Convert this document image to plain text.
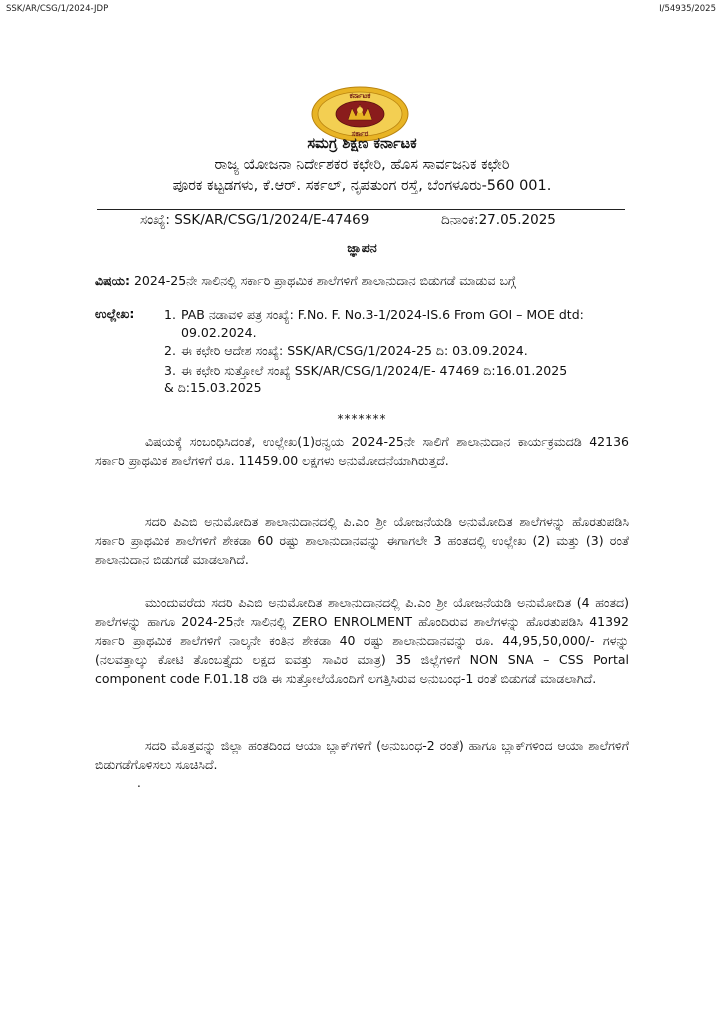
SSK/AR/CSG/1/2024-JDP	I/54935/2025
ಕರ್ನಾಟಕ
ಸರ್ಕಾರ
ಸಮಗ್ರ ಶಿಕ್ಷಣ ಕರ್ನಾಟಕ
ರಾಜ್ಯ ಯೋಜನಾ ನಿರ್ದೇಶಕರ ಕಛೇರಿ, ಹೊಸ ಸಾರ್ವಜನಿಕ ಕಛೇರಿ
ಪೂರಕ ಕಟ್ಟಡಗಳು, ಕೆ.ಆರ್. ಸರ್ಕಲ್, ನೃಪತುಂಗ ರಸ್ತೆ, ಬೆಂಗಳೂರು-560 001.
ಸಂಖ್ಯೆ: SSK/AR/CSG/1/2024/E-47469	ದಿನಾಂಕ:27.05.2025
ಜ್ಞಾಪನ
ವಿಷಯ: 2024-25ನೇ ಸಾಲಿನಲ್ಲಿ ಸರ್ಕಾರಿ ಪ್ರಾಥಮಿಕ ಶಾಲೆಗಳಿಗೆ ಶಾಲಾನುದಾನ ಬಿಡುಗಡೆ ಮಾಡುವ ಬಗ್ಗೆ
ಉಲ್ಲೇಖ: 1. PAB ನಡಾವಳಿ ಪತ್ರ ಸಂಖ್ಯೆ: F.No. F. No.3-1/2024-IS.6 From GOI – MOE dtd: 09.02.2024.
2. ಈ ಕಛೇರಿ ಆದೇಶ ಸಂಖ್ಯೆ: SSK/AR/CSG/1/2024-25 ದಿ: 03.09.2024.
3. ಈ ಕಛೇರಿ ಸುತ್ತೋಲೆ ಸಂಖ್ಯೆ SSK/AR/CSG/1/2024/E- 47469 ದಿ:16.01.2025
& ದಿ:15.03.2025
*******
ವಿಷಯಕ್ಕೆ ಸಂಬಂಧಿಸಿದಂತೆ, ಉಲ್ಲೇಖ(1)ರನ್ವಯ 2024-25ನೇ ಸಾಲಿಗೆ ಶಾಲಾನುದಾನ ಕಾರ್ಯಕ್ರಮದಡಿ 42136 ಸರ್ಕಾರಿ ಪ್ರಾಥಮಿಕ ಶಾಲೆಗಳಿಗೆ ರೂ. 11459.00 ಲಕ್ಷಗಳು ಅನುಮೋದನೆಯಾಗಿರುತ್ತದೆ.
ಸದರಿ ಪಿಎಬಿ ಅನುಮೋದಿತ ಶಾಲಾನುದಾನದಲ್ಲಿ ಪಿ.ಎಂ ಶ್ರೀ ಯೋಜನೆಯಡಿ ಅನುಮೋದಿತ ಶಾಲೆಗಳನ್ನು ಹೊರತುಪಡಿಸಿ ಸರ್ಕಾರಿ ಪ್ರಾಥಮಿಕ ಶಾಲೆಗಳಿಗೆ ಶೇಕಡಾ 60 ರಷ್ಟು ಶಾಲಾನುದಾನವನ್ನು ಈಗಾಗಲೇ 3 ಹಂತದಲ್ಲಿ ಉಲ್ಲೇಖ (2) ಮತ್ತು (3) ರಂತೆ ಶಾಲಾನುದಾನ ಬಿಡುಗಡೆ ಮಾಡಲಾಗಿದೆ.
ಮುಂದುವರೆದು ಸದರಿ ಪಿಎಬಿ ಅನುಮೋದಿತ ಶಾಲಾನುದಾನದಲ್ಲಿ ಪಿ.ಎಂ ಶ್ರೀ ಯೋಜನೆಯಡಿ ಅನುಮೋದಿತ (4 ಹಂತದ) ಶಾಲೆಗಳನ್ನು ಹಾಗೂ 2024-25ನೇ ಸಾಲಿನಲ್ಲಿ ZERO ENROLMENT ಹೊಂದಿರುವ ಶಾಲೆಗಳನ್ನು ಹೊರತುಪಡಿಸಿ 41392 ಸರ್ಕಾರಿ ಪ್ರಾಥಮಿಕ ಶಾಲೆಗಳಿಗೆ ನಾಲ್ಕನೇ ಕಂತಿನ ಶೇಕಡಾ 40 ರಷ್ಟು ಶಾಲಾನುದಾನವನ್ನು ರೂ. 44,95,50,000/- ಗಳನ್ನು (ನಲವತ್ತಾಲ್ಕು ಕೋಟಿ ತೊಂಬತ್ತೈದು ಲಕ್ಷದ ಐವತ್ತು ಸಾವಿರ ಮಾತ್ರ) 35 ಜಿಲ್ಲೆಗಳಿಗೆ NON SNA – CSS Portal component code F.01.18 ರಡಿ ಈ ಸುತ್ತೋಲೆಯೊಂದಿಗೆ ಲಗತ್ತಿಸಿರುವ ಅನುಬಂಧ-1 ರಂತೆ ಬಿಡುಗಡೆ ಮಾಡಲಾಗಿದೆ.
ಸದರಿ ಮೊತ್ತವನ್ನು ಜಿಲ್ಲಾ ಹಂತದಿಂದ ಆಯಾ ಬ್ಲಾಕ್‌ಗಳಿಗೆ (ಅನುಬಂಧ-2 ರಂತೆ) ಹಾಗೂ ಬ್ಲಾಕ್‌ಗಳಿಂದ ಆಯಾ ಶಾಲೆಗಳಿಗೆ ಬಿಡುಗಡೆಗೊಳಿಸಲು ಸೂಚಿಸಿದೆ.
.
